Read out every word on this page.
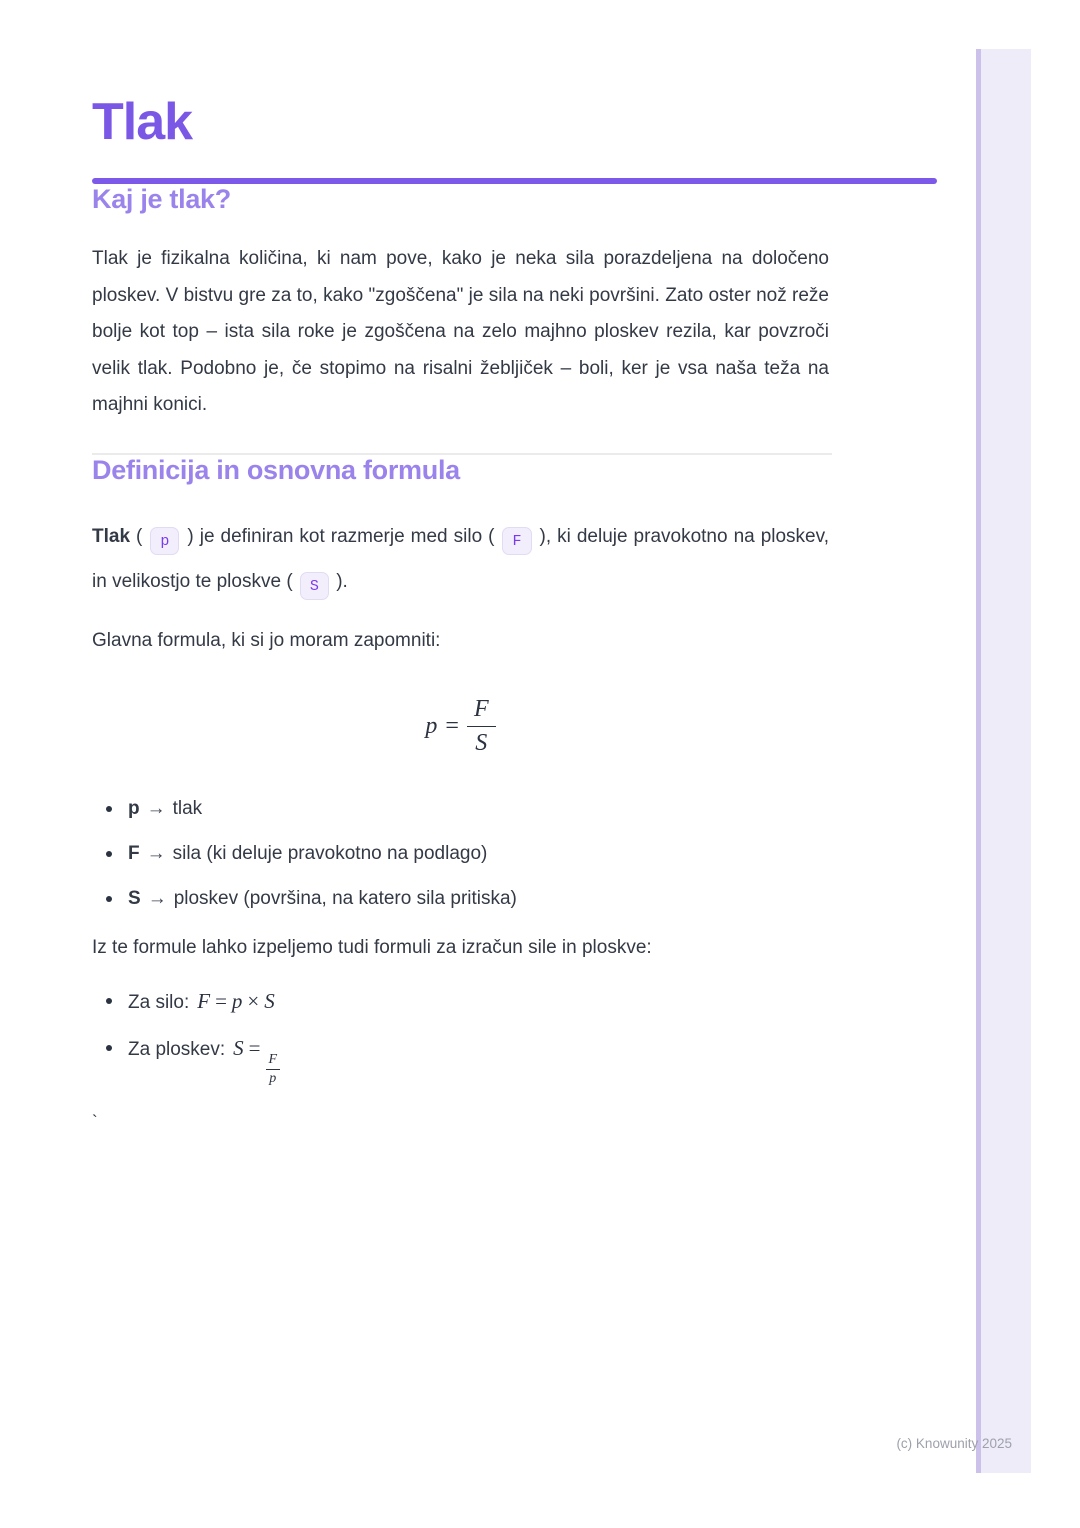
Tlak
Kaj je tlak?

Tlak je fizikalna količina, ki nam pove, kako je neka sila porazdeljena na določeno ploskev. V bistvu gre za to, kako "zgoščena" je sila na neki površini. Zato oster nož reže bolje kot top – ista sila roke je zgoščena na zelo majhno ploskev rezila, kar povzroči velik tlak. Podobno je, če stopimo na risalni žebljiček – boli, ker je vsa naša teža na majhni konici.

Definicija in osnovna formula

Tlak ( p ) je definiran kot razmerje med silo ( F ), ki deluje pravokotno na ploskev, in velikostjo te ploskve ( S ).

Glavna formula, ki si jo moram zapomniti:

$p = \frac{F}{S}$
p → tlak
F → sila (ki deluje pravokotno na podlago)
S → ploskev (površina, na katero sila pritiska)

Iz te formule lahko izpeljemo tudi formuli za izračun sile in ploskve:

Za silo: F = p × S
Za ploskev: S =
$\frac{F}{p}$
`
(c) Knowunity 2025
